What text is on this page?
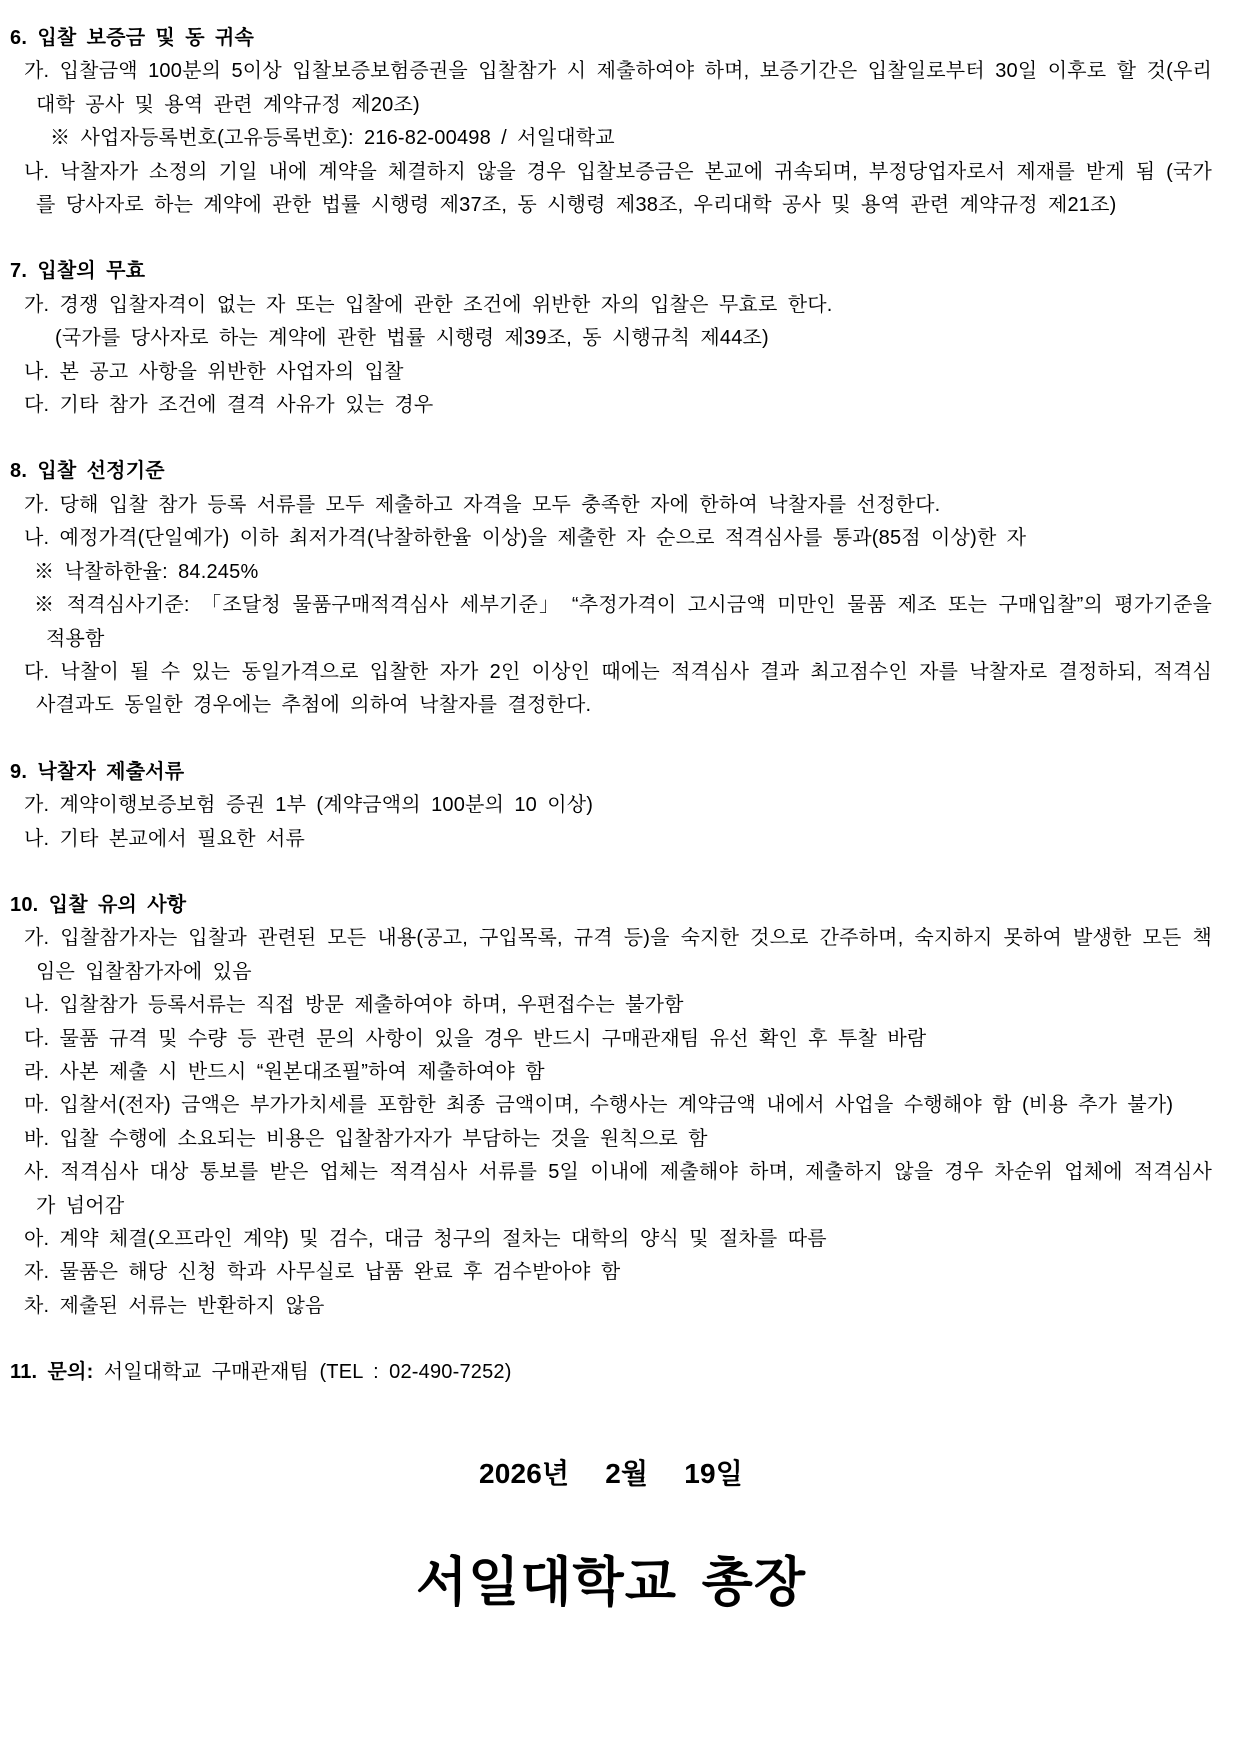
6. 입찰 보증금 및 동 귀속

가. 입찰금액 100분의 5이상 입찰보증보험증권을 입찰참가 시 제출하여야 하며, 보증기간은 입찰일로부터 30일 이후로 할 것(우리대학 공사 및 용역 관련 계약규정 제20조)

※ 사업자등록번호(고유등록번호): 216-82-00498 / 서일대학교

나. 낙찰자가 소정의 기일 내에 계약을 체결하지 않을 경우 입찰보증금은 본교에 귀속되며, 부정당업자로서 제재를 받게 됨 (국가를 당사자로 하는 계약에 관한 법률 시행령 제37조, 동 시행령 제38조, 우리대학 공사 및 용역 관련 계약규정 제21조)

7. 입찰의 무효

가. 경쟁 입찰자격이 없는 자 또는 입찰에 관한 조건에 위반한 자의 입찰은 무효로 한다.

(국가를 당사자로 하는 계약에 관한 법률 시행령 제39조, 동 시행규칙 제44조)

나. 본 공고 사항을 위반한 사업자의 입찰

다. 기타 참가 조건에 결격 사유가 있는 경우

8. 입찰 선정기준

가. 당해 입찰 참가 등록 서류를 모두 제출하고 자격을 모두 충족한 자에 한하여 낙찰자를 선정한다.

나. 예정가격(단일예가) 이하 최저가격(낙찰하한율 이상)을 제출한 자 순으로 적격심사를 통과(85점 이상)한 자

※ 낙찰하한율: 84.245%

※ 적격심사기준: 「조달청 물품구매적격심사 세부기준」 “추정가격이 고시금액 미만인 물품 제조 또는 구매입찰”의 평가기준을 적용함

다. 낙찰이 될 수 있는 동일가격으로 입찰한 자가 2인 이상인 때에는 적격심사 결과 최고점수인 자를 낙찰자로 결정하되, 적격심사결과도 동일한 경우에는 추첨에 의하여 낙찰자를 결정한다.

9. 낙찰자 제출서류

가. 계약이행보증보험 증권 1부 (계약금액의 100분의 10 이상)

나. 기타 본교에서 필요한 서류

10. 입찰 유의 사항

가. 입찰참가자는 입찰과 관련된 모든 내용(공고, 구입목록, 규격 등)을 숙지한 것으로 간주하며, 숙지하지 못하여 발생한 모든 책임은 입찰참가자에 있음

나. 입찰참가 등록서류는 직접 방문 제출하여야 하며, 우편접수는 불가함

다. 물품 규격 및 수량 등 관련 문의 사항이 있을 경우 반드시 구매관재팀 유선 확인 후 투찰 바람

라. 사본 제출 시 반드시 “원본대조필”하여 제출하여야 함

마. 입찰서(전자) 금액은 부가가치세를 포함한 최종 금액이며, 수행사는 계약금액 내에서 사업을 수행해야 함 (비용 추가 불가)

바. 입찰 수행에 소요되는 비용은 입찰참가자가 부담하는 것을 원칙으로 함

사. 적격심사 대상 통보를 받은 업체는 적격심사 서류를 5일 이내에 제출해야 하며, 제출하지 않을 경우 차순위 업체에 적격심사가 넘어감

아. 계약 체결(오프라인 계약) 및 검수, 대금 청구의 절차는 대학의 양식 및 절차를 따름

자. 물품은 해당 신청 학과 사무실로 납품 완료 후 검수받아야 함

차. 제출된 서류는 반환하지 않음

11. 문의: 서일대학교 구매관재팀 (TEL : 02-490-7252)

2026년  2월  19일

서일대학교 총장
